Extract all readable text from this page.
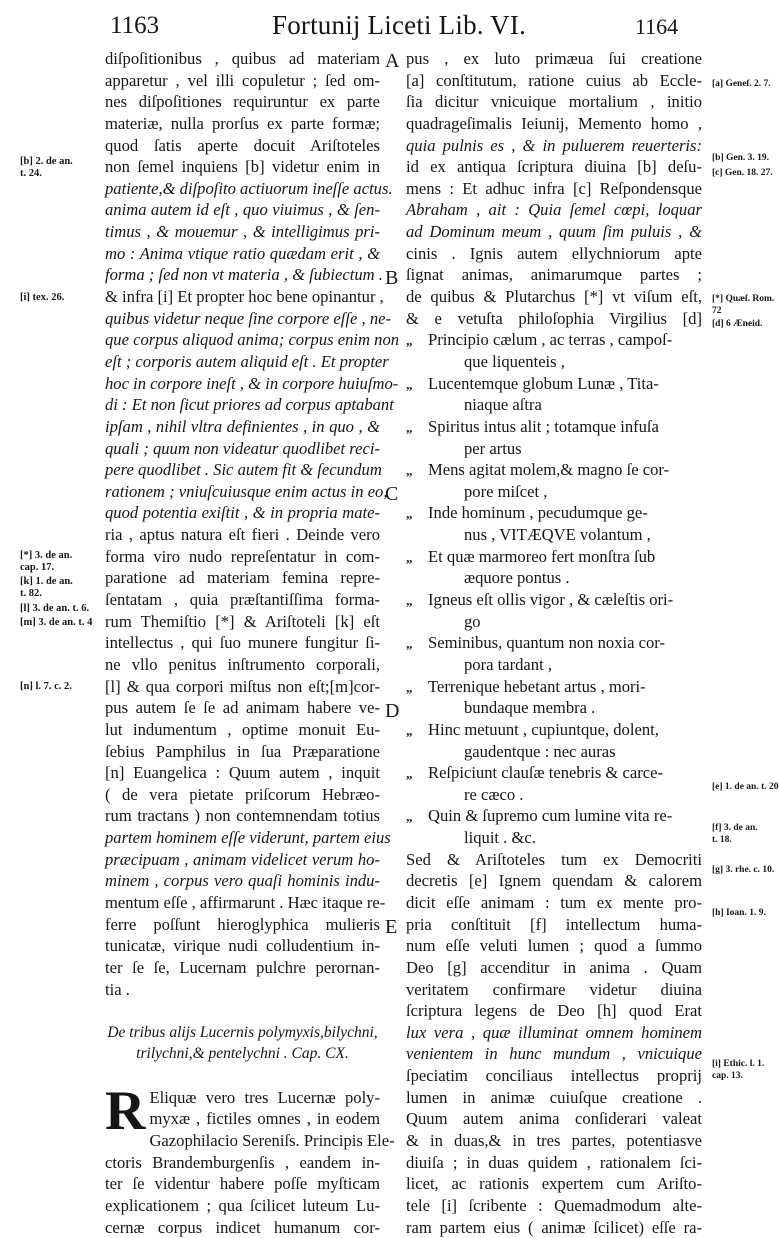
1163	Fortunij Liceti Lib. VI.	1164
diſpoſitionibus , quibus ad materiam
apparetur , vel illi copuletur ; ſed om-
nes diſpoſitiones requiruntur ex parte
materiæ, nulla prorſus ex parte formæ;
quod ſatis aperte docuit Ariſtoteles
non ſemel inquiens [b] videtur enim in
patiente,& diſpoſito actiuorum ineſſe actus.
anima autem id eſt , quo viuimus , & ſen-
timus , & mouemur , & intelligimus pri-
mo : Anima vtique ratio quædam erit , &
forma ; ſed non vt materia , & ſubiectum .
& infra [i] Et propter hoc bene opinantur ,
quibus videtur neque ſine corpore eſſe , ne-
que corpus aliquod anima; corpus enim non
eſt ; corporis autem aliquid eſt . Et propter
hoc in corpore ineſt , & in corpore huiuſmo-
di : Et non ſicut priores ad corpus aptabant
ipſam , nihil vltra definientes , in quo , &
quali ; quum non videatur quodlibet reci-
pere quodlibet . Sic autem fit & ſecundum
rationem ; vniuſcuiusque enim actus in eo,
quod potentia exiſtit , & in propria mate-
ria , aptus natura eſt fieri . Deinde vero
forma viro nudo repreſentatur in com-
paratione ad materiam femina repre-
ſentatam , quia præſtantiſſima forma-
rum Themiſtio [*] & Ariſtoteli [k] eſt
intellectus , qui ſuo munere fungitur ſi-
ne vllo penitus inſtrumento corporali,
[l] & qua corpori miſtus non eſt;[m]cor-
pus autem ſe ſe ad animam habere ve-
lut indumentum , optime monuit Eu-
ſebius Pamphilus in ſua Præparatione
[n] Euangelica : Quum autem , inquit
( de vera pietate priſcorum Hebræo-
rum tractans ) non contemnendam totius
partem hominem eſſe viderunt, partem eius
præcipuam , animam videlicet verum ho-
minem , corpus vero quaſi hominis indu-
mentum eſſe , affirmarunt . Hæc itaque re-
ferre poſſunt hieroglyphica mulieris
tunicatæ, virique nudi colludentium in-
ter ſe ſe, Lucernam pulchre perornan-
tia .
De tribus alijs Lucernis polymyxis,bilychni,
trilychni,& pentelychni . Cap. CX.
R Eliquæ vero tres Lucernæ poly-
myxæ , fictiles omnes , in eodem
Gazophilacio Sereniſs. Principis Ele-
ctoris Brandemburgenſis , eandem in-
ter ſe videntur habere poſſe myſticam
explicationem ; qua ſcilicet luteum Lu-
cernæ corpus indicet humanum cor-
pus , ex luto primæua ſui creatione
[a] conſtitutum, ratione cuius ab Eccle-
ſia dicitur vnicuique mortalium , initio
quadrageſimalis Ieiunij, Memento homo ,
quia pulnis es , & in puluerem reuerteris:
id ex antiqua ſcriptura diuina [b] deſu-
mens : Et adhuc infra [c] Reſpondensque
Abraham , ait : Quia ſemel cœpi, loquar
ad Dominum meum , quum ſim puluis , &
cinis . Ignis autem ellychniorum apte
ſignat animas, animarumque partes ;
de quibus & Plutarchus [*] vt viſum eſt,
& e vetuſta philoſophia Virgilius [d]
„ Principio cælum , ac terras , campoſ-
que liquenteis ,
„ Lucentemque globum Lunæ , Tita-
niaque aſtra
„ Spiritus intus alit ; totamque infuſa
per artus
„ Mens agitat molem,& magno ſe cor-
pore miſcet ,
„ Inde hominum , pecudumque ge-
nus , VITÆQVE volantum ,
„ Et quæ marmoreo fert monſtra ſub
æquore pontus .
„ Igneus eſt ollis vigor , & cæleſtis ori-
go
„ Seminibus, quantum non noxia cor-
pora tardant ,
„ Terrenique hebetant artus , mori-
bundaque membra .
„ Hinc metuunt , cupiuntque, dolent,
gaudentque : nec auras
„ Reſpiciunt clauſæ tenebris & carce-
re cæco .
„ Quin & ſupremo cum lumine vita re-
liquit . &c.
Sed & Ariſtoteles tum ex Democriti
decretis [e] Ignem quendam & calorem
dicit eſſe animam : tum ex mente pro-
pria conſtituit [f] intellectum huma-
num eſſe veluti lumen ; quod a ſummo
Deo [g] accenditur in anima . Quam
veritatem confirmare videtur diuina
ſcriptura legens de Deo [h] quod Erat
lux vera , quæ illuminat omnem hominem
venientem in hunc mundum , vnicuique
ſpeciatim conciliaus intellectus proprij
lumen in animæ cuiuſque creatione .
Quum autem anima conſiderari valeat
& in duas,& in tres partes, potentiasve
diuiſa ; in duas quidem , rationalem ſci-
licet, ac rationis expertem cum Ariſto-
tele [i] ſcribente : Quemadmodum alte-
ram partem eius ( animæ ſcilicet) eſſe ra-
[b] 2. de an.
t. 24.
[i] tex. 26.
[*] 3. de an.
cap. 17.
[k] 1. de an.
t. 82.
[l] 3. de an. t. 6.
[m] 3. de an. t. 4
[n] l. 7. c. 2.
[a] Geneſ. 2. 7.
[b] Gen. 3. 19.
[c] Gen. 18. 27.
[*] Quæſ. Rom.
72
[d] 6 Æneid.
[e] 1. de an. t. 20
[f] 3. de an.
t. 18.
[g] 3. rhe. c. 10.
[h] Ioan. 1. 9.
[i] Ethic. l. 1.
cap. 13.
A
B
C
D
E
